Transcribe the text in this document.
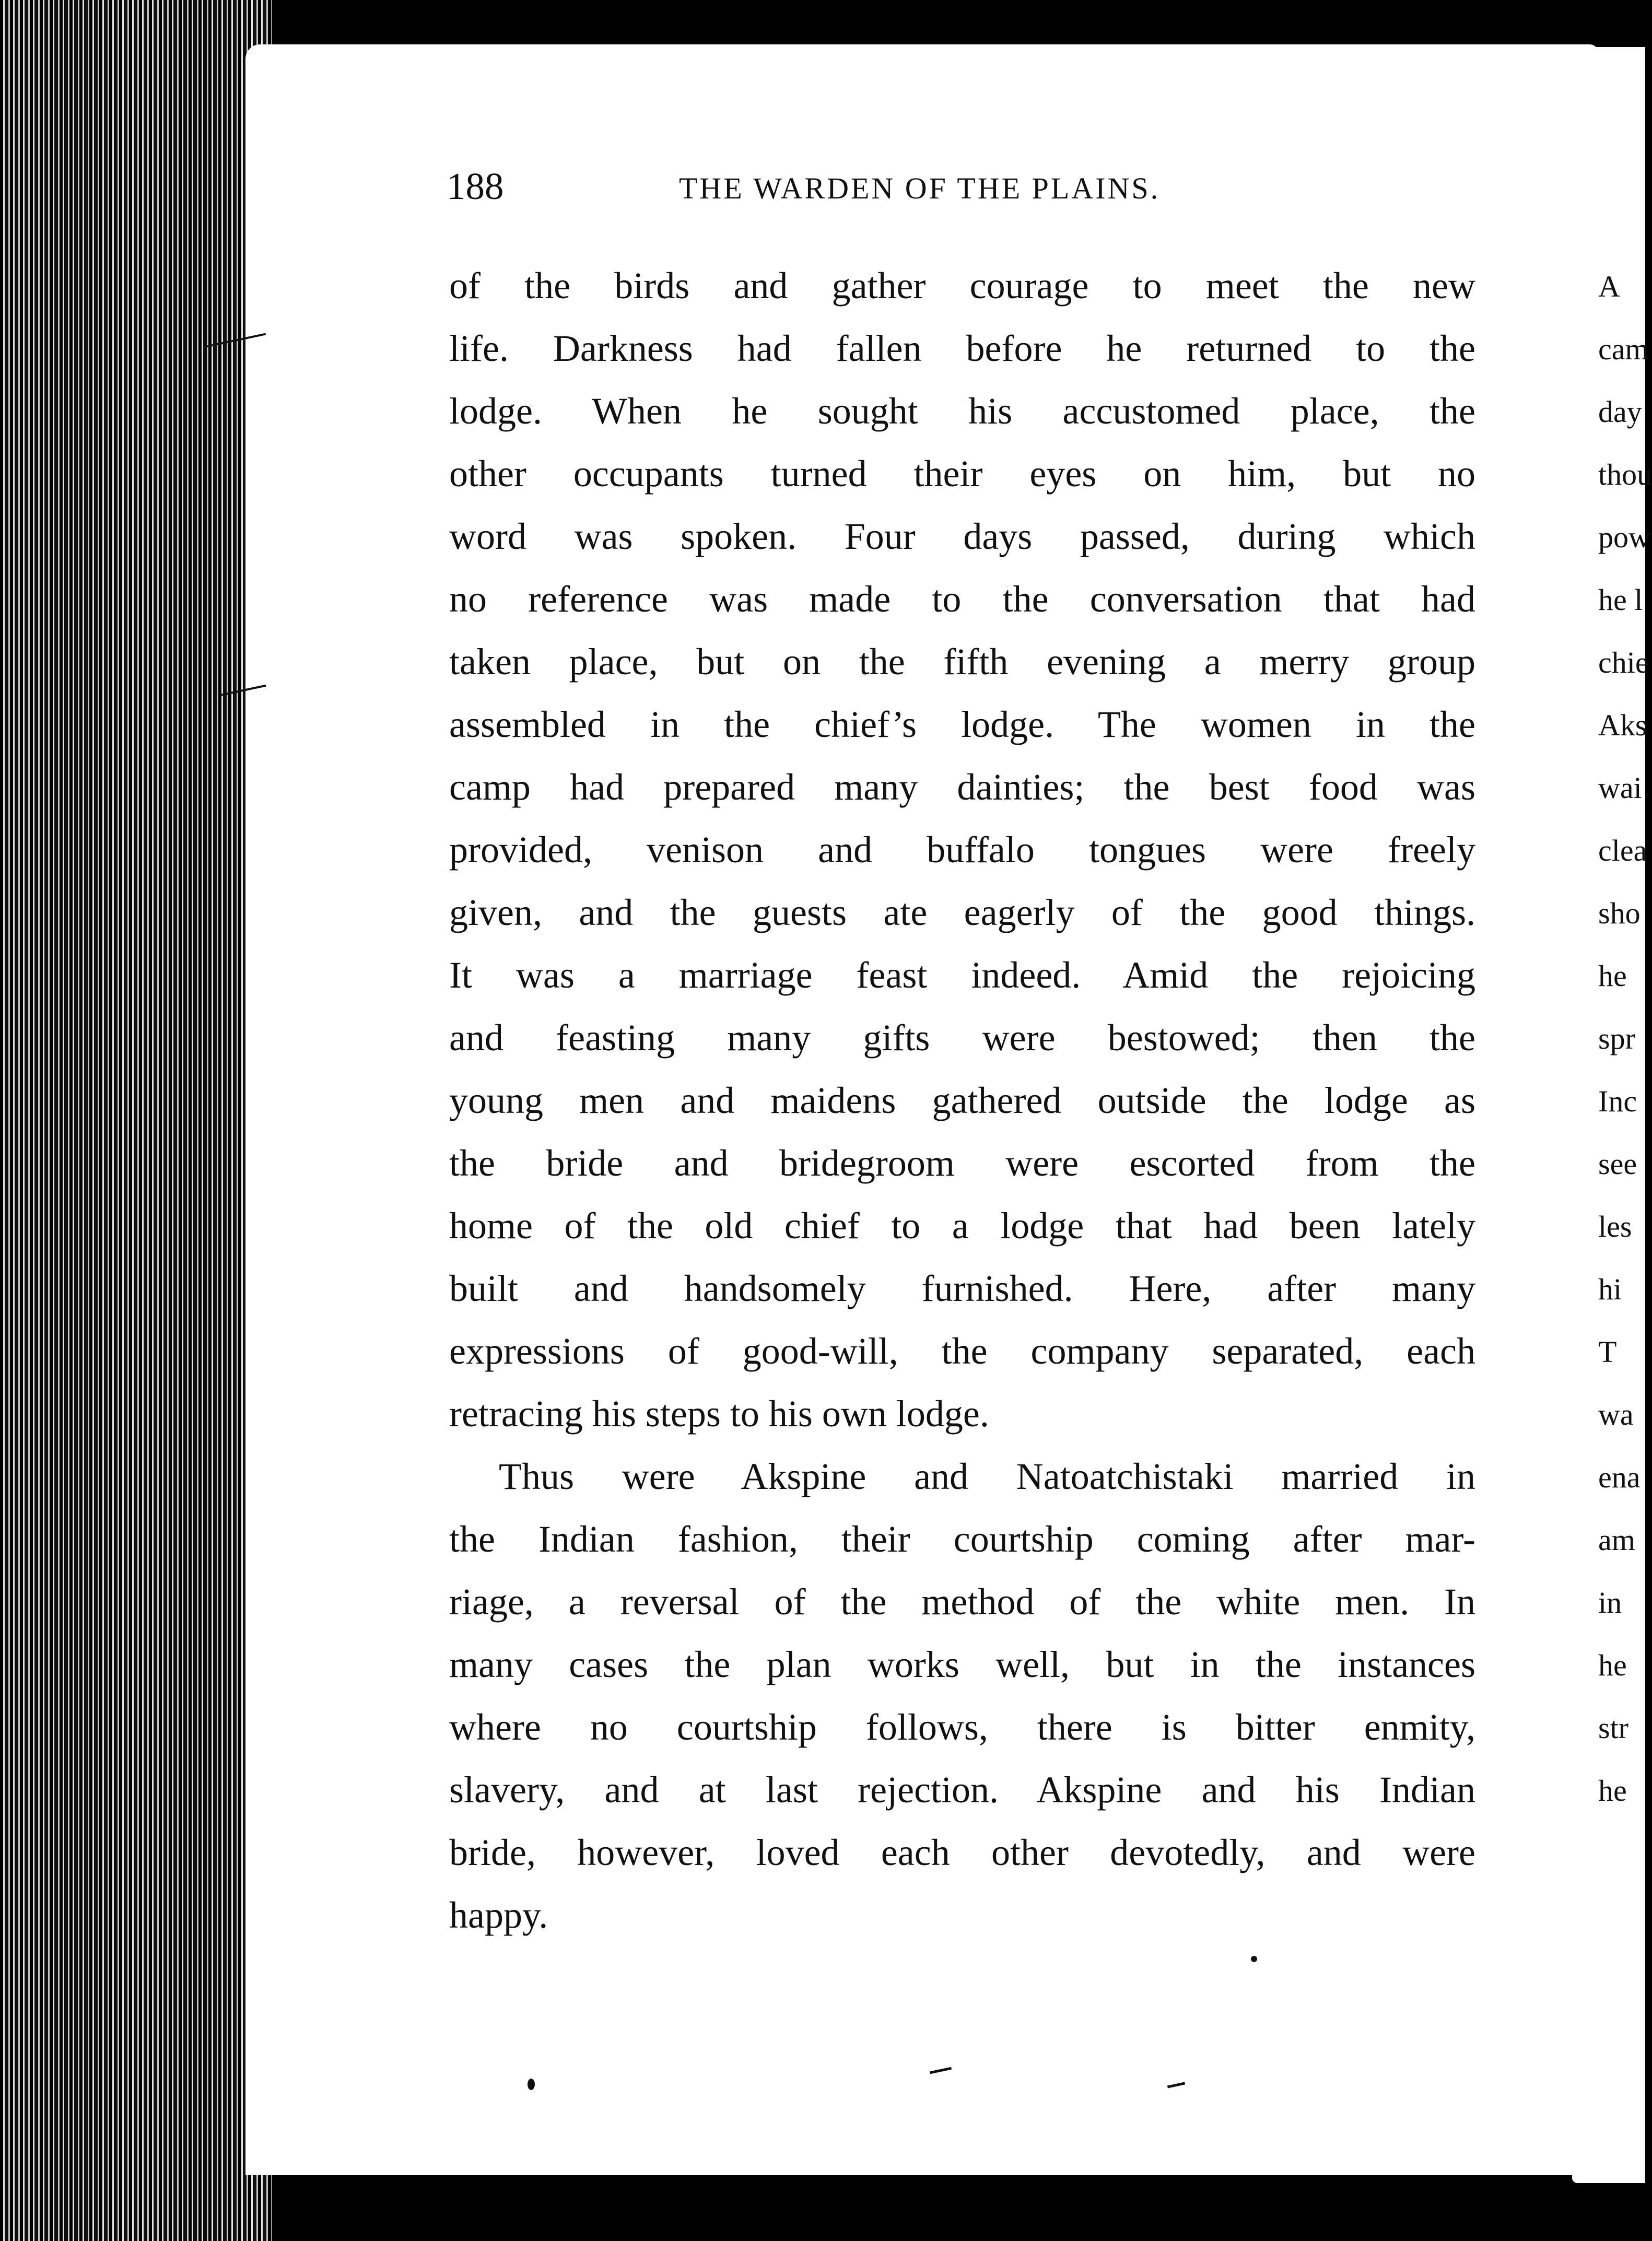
188	THE WARDEN OF THE PLAINS.
of the birds and gather courage to meet the new
life. Darkness had fallen before he returned to the
lodge. When he sought his accustomed place, the
other occupants turned their eyes on him, but no
word was spoken. Four days passed, during which
no reference was made to the conversation that had
taken place, but on the fifth evening a merry group
assembled in the chief’s lodge. The women in the
camp had prepared many dainties; the best food was
provided, venison and buffalo tongues were freely
given, and the guests ate eagerly of the good things.
It was a marriage feast indeed. Amid the rejoicing
and feasting many gifts were bestowed; then the
young men and maidens gathered outside the lodge as
the bride and bridegroom were escorted from the
home of the old chief to a lodge that had been lately
built and handsomely furnished. Here, after many
expressions of good-will, the company separated, each
retracing his steps to his own lodge.
Thus were Akspine and Natoatchistaki married in
the Indian fashion, their courtship coming after mar-
riage, a reversal of the method of the white men. In
many cases the plan works well, but in the instances
where no courtship follows, there is bitter enmity,
slavery, and at last rejection. Akspine and his Indian
bride, however, loved each other devotedly, and were
happy.
A
cam
day
thou
pow
he l
chie
Aks
wai
clea
sho
he
spr
Inc
see
les
hi
T
wa
ena
am
in
he
str
he
